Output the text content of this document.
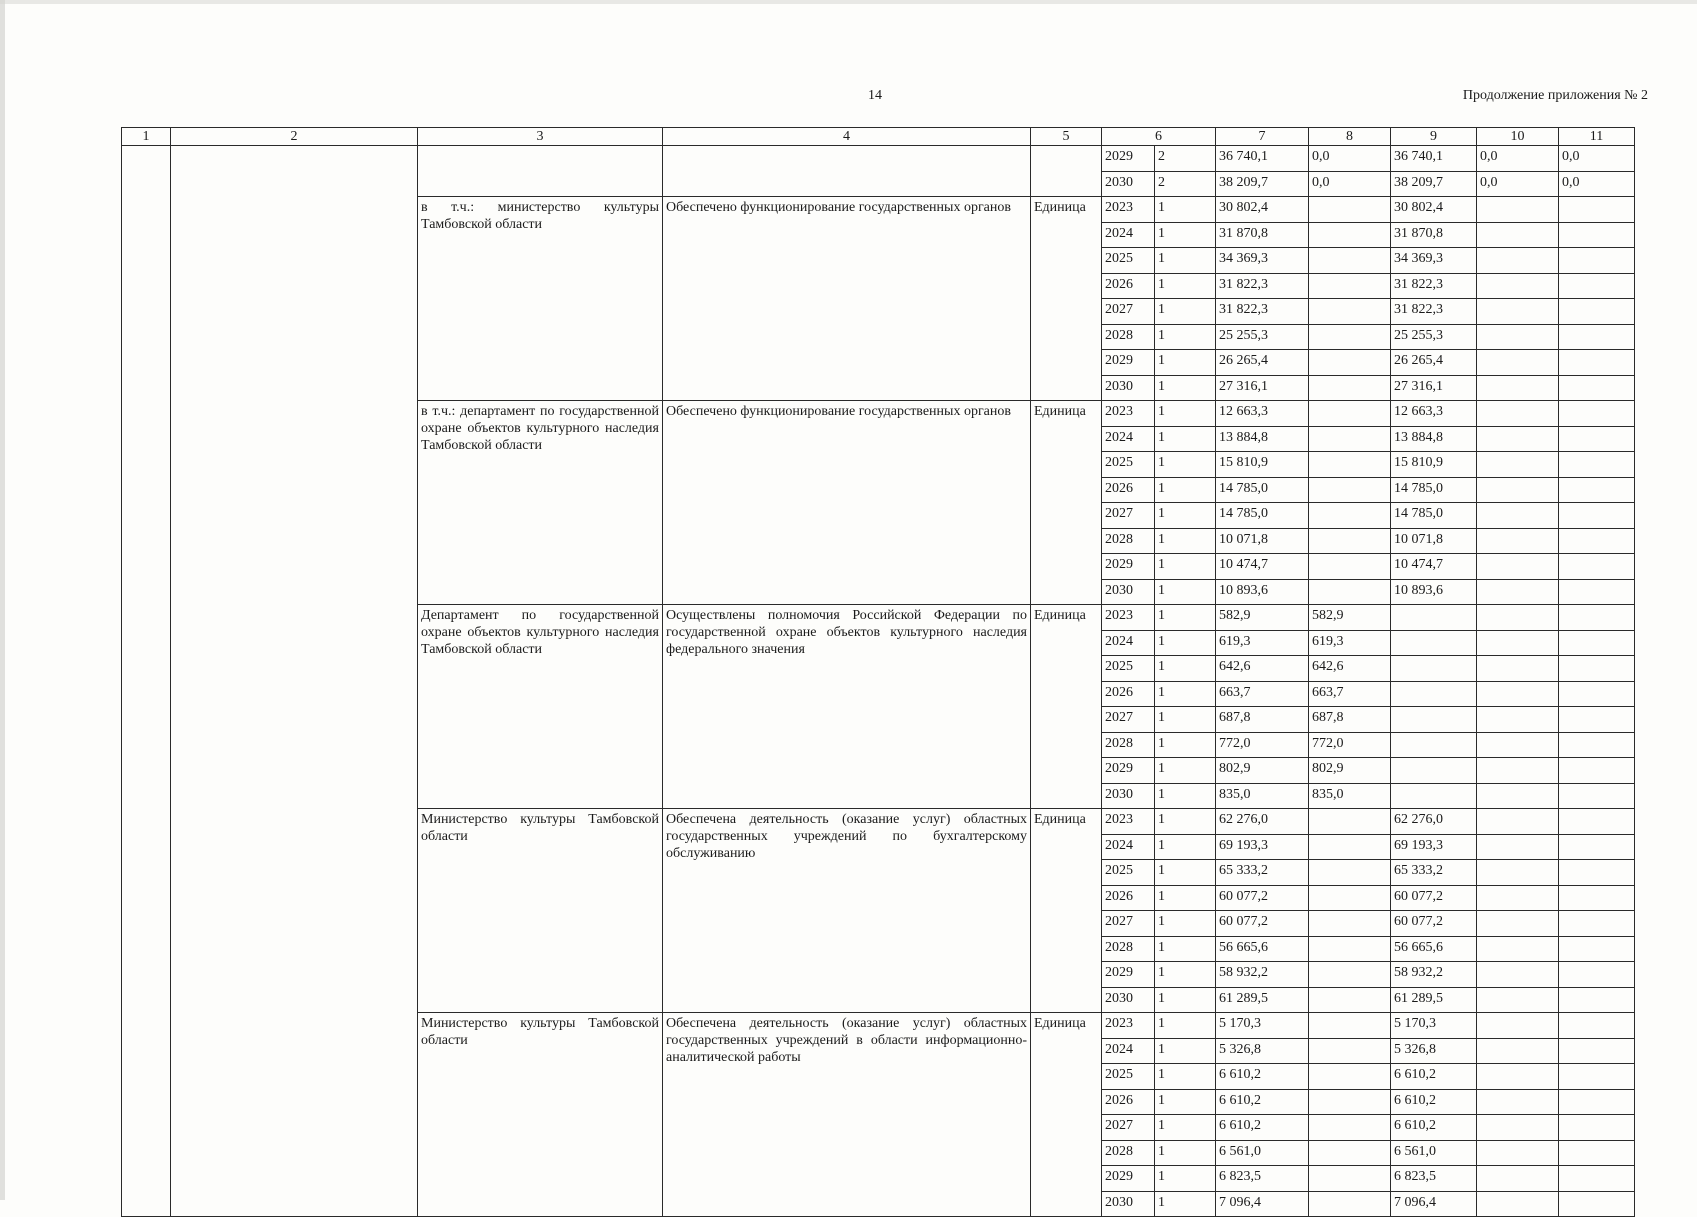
14	Продолжение приложения № 2
1	2	3	4	5	6		7	8	9	10	11
					2029	2	36 740,1	0,0	36 740,1	0,0	0,0
					2030	2	38 209,7	0,0	38 209,7	0,0	0,0
		в т.ч.: министерство культуры Тамбовской области	Обеспечено функционирование государственных органов	Единица	2023	1	30 802,4		30 802,4		
					2024	1	31 870,8		31 870,8		
					2025	1	34 369,3		34 369,3		
					2026	1	31 822,3		31 822,3		
					2027	1	31 822,3		31 822,3		
					2028	1	25 255,3		25 255,3		
					2029	1	26 265,4		26 265,4		
					2030	1	27 316,1		27 316,1		
		в т.ч.: департамент по государственной охране объектов культурного наследия Тамбовской области	Обеспечено функционирование государственных органов	Единица	2023	1	12 663,3		12 663,3		
					2024	1	13 884,8		13 884,8		
					2025	1	15 810,9		15 810,9		
					2026	1	14 785,0		14 785,0		
					2027	1	14 785,0		14 785,0		
					2028	1	10 071,8		10 071,8		
					2029	1	10 474,7		10 474,7		
					2030	1	10 893,6		10 893,6		
		Департамент по государственной охране объектов культурного наследия Тамбовской области	Осуществлены полномочия Российской Федерации по государственной охране объектов культурного наследия федерального значения	Единица	2023	1	582,9	582,9			
					2024	1	619,3	619,3			
					2025	1	642,6	642,6			
					2026	1	663,7	663,7			
					2027	1	687,8	687,8			
					2028	1	772,0	772,0			
					2029	1	802,9	802,9			
					2030	1	835,0	835,0			
		Министерство культуры Тамбовской области	Обеспечена деятельность (оказание услуг) областных государственных учреждений по бухгалтерскому обслуживанию	Единица	2023	1	62 276,0		62 276,0		
					2024	1	69 193,3		69 193,3		
					2025	1	65 333,2		65 333,2		
					2026	1	60 077,2		60 077,2		
					2027	1	60 077,2		60 077,2		
					2028	1	56 665,6		56 665,6		
					2029	1	58 932,2		58 932,2		
					2030	1	61 289,5		61 289,5		
		Министерство культуры Тамбовской области	Обеспечена деятельность (оказание услуг) областных государственных учреждений в области информационно-аналитической работы	Единица	2023	1	5 170,3		5 170,3		
					2024	1	5 326,8		5 326,8		
					2025	1	6 610,2		6 610,2		
					2026	1	6 610,2		6 610,2		
					2027	1	6 610,2		6 610,2		
					2028	1	6 561,0		6 561,0		
					2029	1	6 823,5		6 823,5		
					2030	1	7 096,4		7 096,4		
